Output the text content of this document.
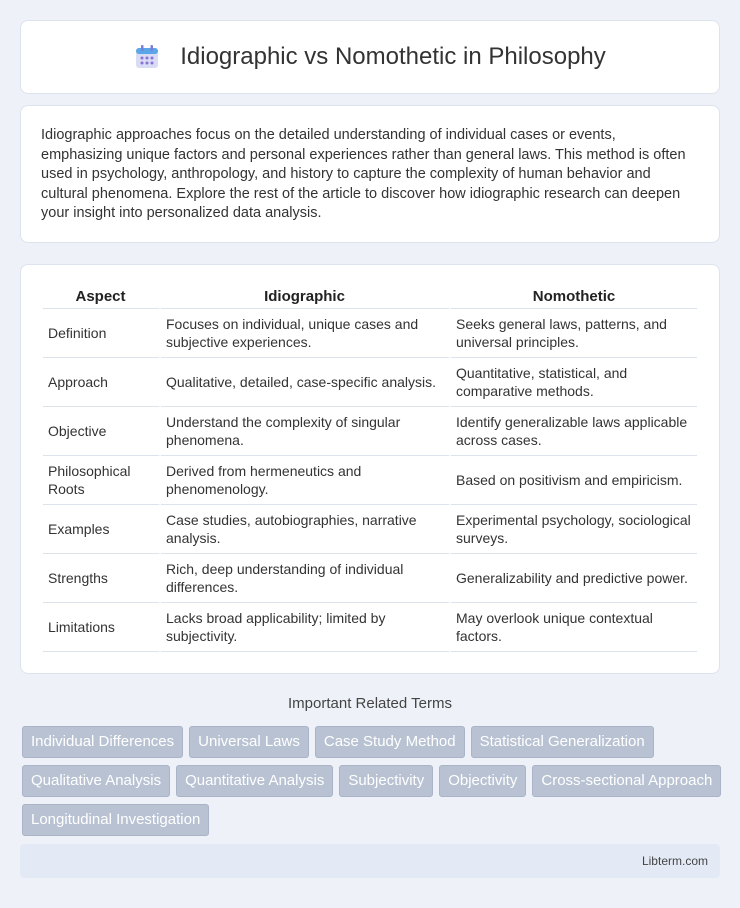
Idiographic vs Nomothetic in Philosophy

Idiographic approaches focus on the detailed understanding of individual cases or events, emphasizing unique factors and personal experiences rather than general laws. This method is often used in psychology, anthropology, and history to capture the complexity of human behavior and cultural phenomena. Explore the rest of the article to discover how idiographic research can deepen your insight into personalized data analysis.

Aspect	Idiographic	Nomothetic
Definition	Focuses on individual, unique cases and subjective experiences.	Seeks general laws, patterns, and universal principles.
Approach	Qualitative, detailed, case-specific analysis.	Quantitative, statistical, and comparative methods.
Objective	Understand the complexity of singular phenomena.	Identify generalizable laws applicable across cases.
Philosophical Roots	Derived from hermeneutics and phenomenology.	Based on positivism and empiricism.
Examples	Case studies, autobiographies, narrative analysis.	Experimental psychology, sociological surveys.
Strengths	Rich, deep understanding of individual differences.	Generalizability and predictive power.
Limitations	Lacks broad applicability; limited by subjectivity.	May overlook unique contextual factors.
Important Related Terms
Individual Differences	Universal Laws	Case Study Method	Statistical Generalization
Qualitative Analysis	Quantitative Analysis	Subjectivity	Objectivity	Cross-sectional Approach
Longitudinal Investigation
Libterm.com
